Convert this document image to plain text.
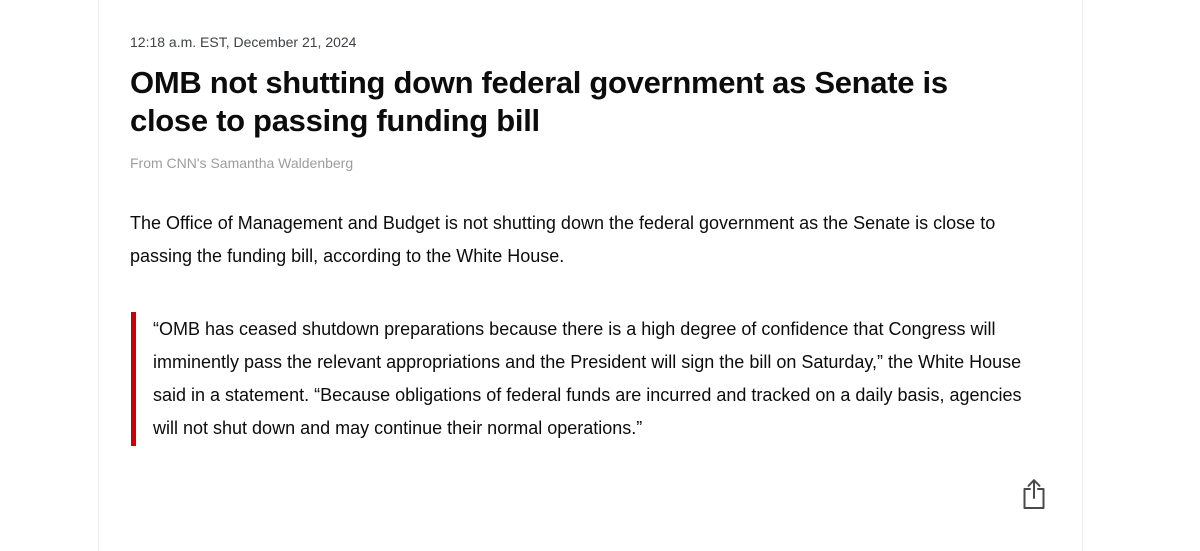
12:18 a.m. EST, December 21, 2024
OMB not shutting down federal government as Senate is close to passing funding bill
From CNN's Samantha Waldenberg

The Office of Management and Budget is not shutting down the federal government as the Senate is close to passing the funding bill, according to the White House.

“OMB has ceased shutdown preparations because there is a high degree of confidence that Congress will imminently pass the relevant appropriations and the President will sign the bill on Saturday,” the White House said in a statement. “Because obligations of federal funds are incurred and tracked on a daily basis, agencies will not shut down and may continue their normal operations.”
